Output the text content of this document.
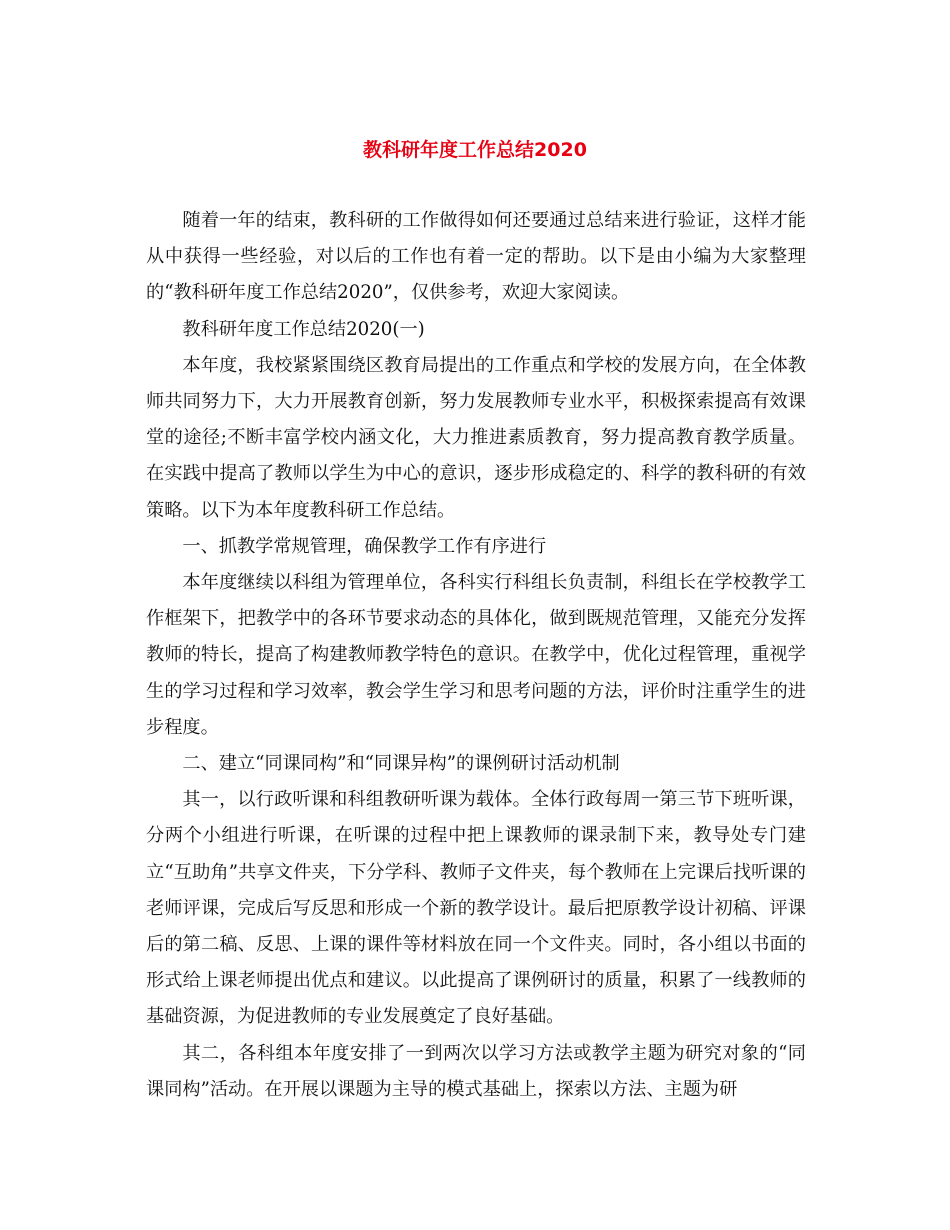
教科研年度工作总结2020

随着一年的结束，教科研的工作做得如何还要通过总结来进行验证，这样才能从中获得一些经验，对以后的工作也有着一定的帮助。以下是由小编为大家整理的“教科研年度工作总结2020”，仅供参考，欢迎大家阅读。

教科研年度工作总结2020(一)

本年度，我校紧紧围绕区教育局提出的工作重点和学校的发展方向，在全体教师共同努力下，大力开展教育创新，努力发展教师专业水平，积极探索提高有效课堂的途径;不断丰富学校内涵文化，大力推进素质教育，努力提高教育教学质量。在实践中提高了教师以学生为中心的意识，逐步形成稳定的、科学的教科研的有效策略。以下为本年度教科研工作总结。

一、抓教学常规管理，确保教学工作有序进行

本年度继续以科组为管理单位，各科实行科组长负责制，科组长在学校教学工作框架下，把教学中的各环节要求动态的具体化，做到既规范管理，又能充分发挥教师的特长，提高了构建教师教学特色的意识。在教学中，优化过程管理，重视学生的学习过程和学习效率，教会学生学习和思考问题的方法，评价时注重学生的进步程度。

二、建立“同课同构”和“同课异构”的课例研讨活动机制

其一，以行政听课和科组教研听课为载体。全体行政每周一第三节下班听课，分两个小组进行听课，在听课的过程中把上课教师的课录制下来，教导处专门建立“互助角”共享文件夹，下分学科、教师子文件夹，每个教师在上完课后找听课的老师评课，完成后写反思和形成一个新的教学设计。最后把原教学设计初稿、评课后的第二稿、反思、上课的课件等材料放在同一个文件夹。同时，各小组以书面的形式给上课老师提出优点和建议。以此提高了课例研讨的质量，积累了一线教师的基础资源，为促进教师的专业发展奠定了良好基础。

其二，各科组本年度安排了一到两次以学习方法或教学主题为研究对象的“同课同构”活动。在开展以课题为主导的模式基础上，探索以方法、主题为研
